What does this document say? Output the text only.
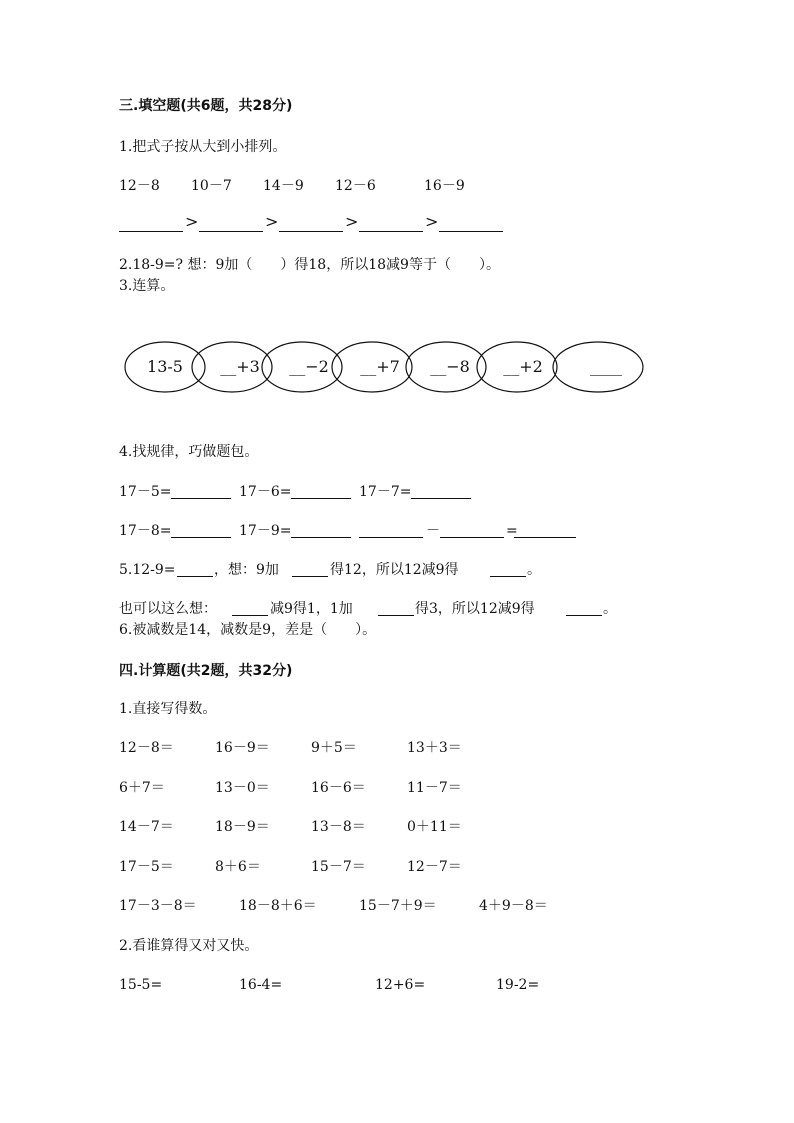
三.填空题(共6题，共28分)
1.把式子按从大到小排列。
12－8 10－7 14－9 12－6	16－9
>	>	>	>
2.18-9=? 想：9加（　　）得18，所以18减9等于（　　）。
3.连算。
13-5 __+3 __−2 __+7 __−8 __+2	____
4.找规律，巧做题包。
17－5=	17－6=	17－7=
17－8=	17－9=	－	=
5.12-9=	，想：9加	得12，所以12减9得	。
也可以这么想：	减9得1，1加	得3，所以12减9得	。
6.被减数是14，减数是9，差是（　　）。
四.计算题(共2题，共32分)
1.直接写得数。
12－8＝	16－9＝	9＋5＝	13＋3＝
6＋7＝	13－0＝	16－6＝	11－7＝
14－7＝	18－9＝	13－8＝	0＋11＝
17－5＝	8＋6＝	15－7＝	12－7＝
17－3－8＝	18－8＋6＝	15－7＋9＝	4＋9－8＝
2.看谁算得又对又快。
15-5=	16-4=	12+6=	19-2=
